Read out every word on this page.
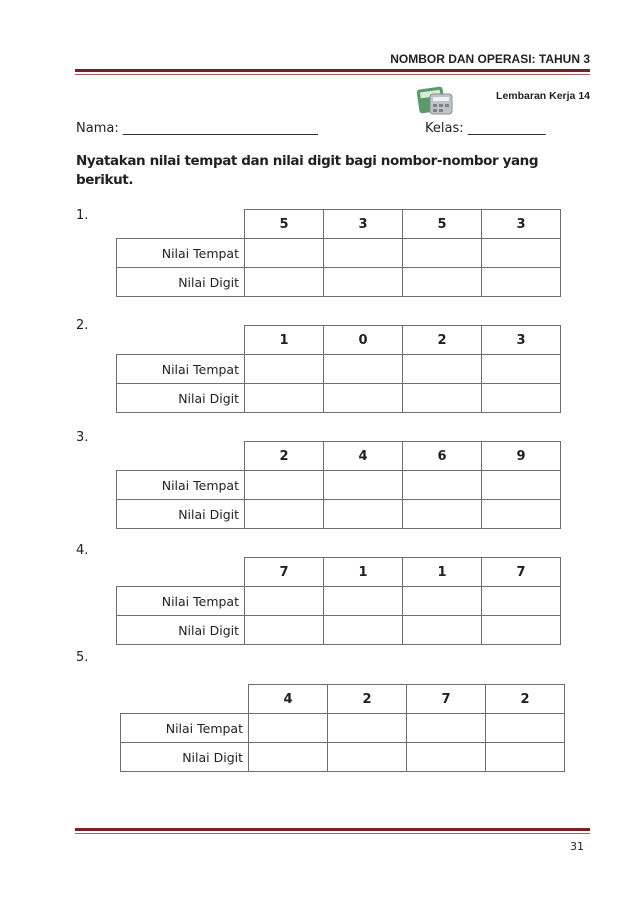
NOMBOR DAN OPERASI: TAHUN 3
Lembaran Kerja 14
Nama: ______________________________	Kelas: ____________
Nyatakan nilai tempat dan nilai digit bagi nombor-nombor yang berikut.
1.
	5	3	5	3
Nilai Tempat				
Nilai Digit				
2.
	1	0	2	3
Nilai Tempat				
Nilai Digit				
3.
	2	4	6	9
Nilai Tempat				
Nilai Digit				
4.
	7	1	1	7
Nilai Tempat				
Nilai Digit				
5.
	4	2	7	2
Nilai Tempat				
Nilai Digit				
31
